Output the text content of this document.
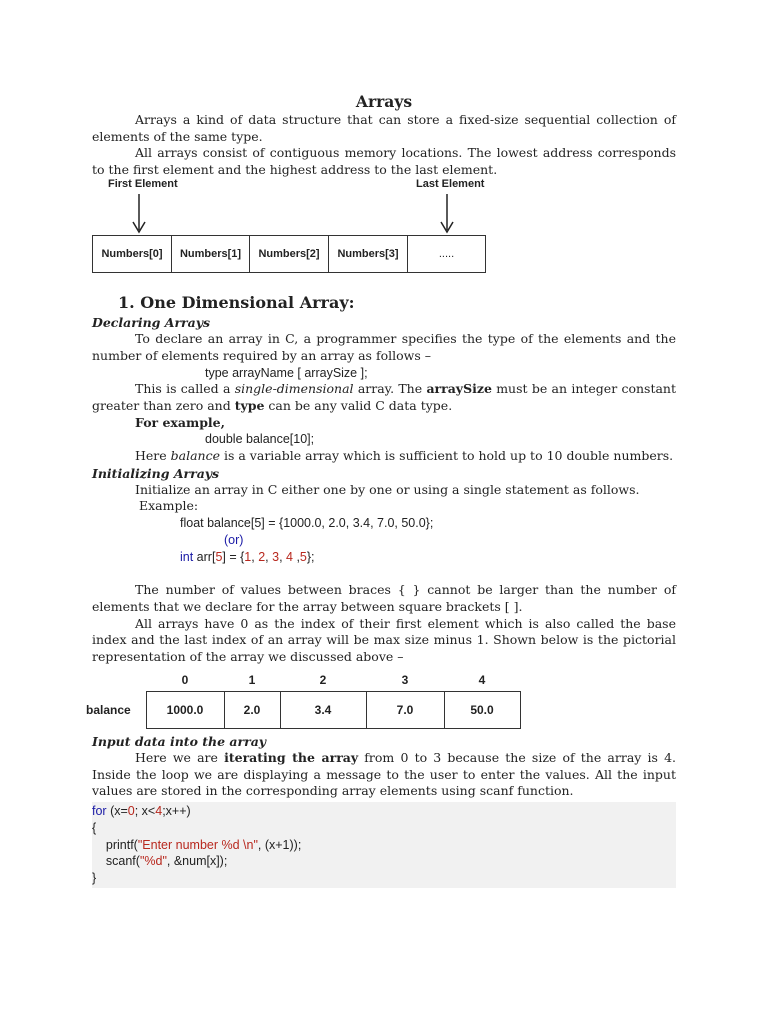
Arrays

Arrays a kind of data structure that can store a fixed-size sequential collection of elements of the same type.

All arrays consist of contiguous memory locations. The lowest address corresponds to the first element and the highest address to the last element.

First Element	Last Element
Numbers[0]	Numbers[1]	Numbers[2]	Numbers[3]	.....
1. One Dimensional Array:
Declaring Arrays

To declare an array in C, a programmer specifies the type of the elements and the number of elements required by an array as follows –

type arrayName [ arraySize ];

This is called a single-dimensional array. The arraySize must be an integer constant greater than zero and type can be any valid C data type.

For example,

double balance[10];

Here balance is a variable array which is sufficient to hold up to 10 double numbers.

Initializing Arrays

Initialize an array in C either one by one or using a single statement as follows.

Example:

float balance[5] = {1000.0, 2.0, 3.4, 7.0, 50.0};

(or)

int arr[5] = {1, 2, 3, 4 ,5};

The number of values between braces { } cannot be larger than the number of elements that we declare for the array between square brackets [ ].

All arrays have 0 as the index of their first element which is also called the base index and the last index of an array will be max size minus 1. Shown below is the pictorial representation of the array we discussed above –

	0	1	2	3	4
balance	1000.0	2.0	3.4	7.0	50.0
Input data into the array

Here we are iterating the array from 0 to 3 because the size of the array is 4. Inside the loop we are displaying a message to the user to enter the values. All the input values are stored in the corresponding array elements using scanf function.

for (x=0; x<4;x++)
{
printf("Enter number %d \n", (x+1));
scanf("%d", &num[x]);
}
